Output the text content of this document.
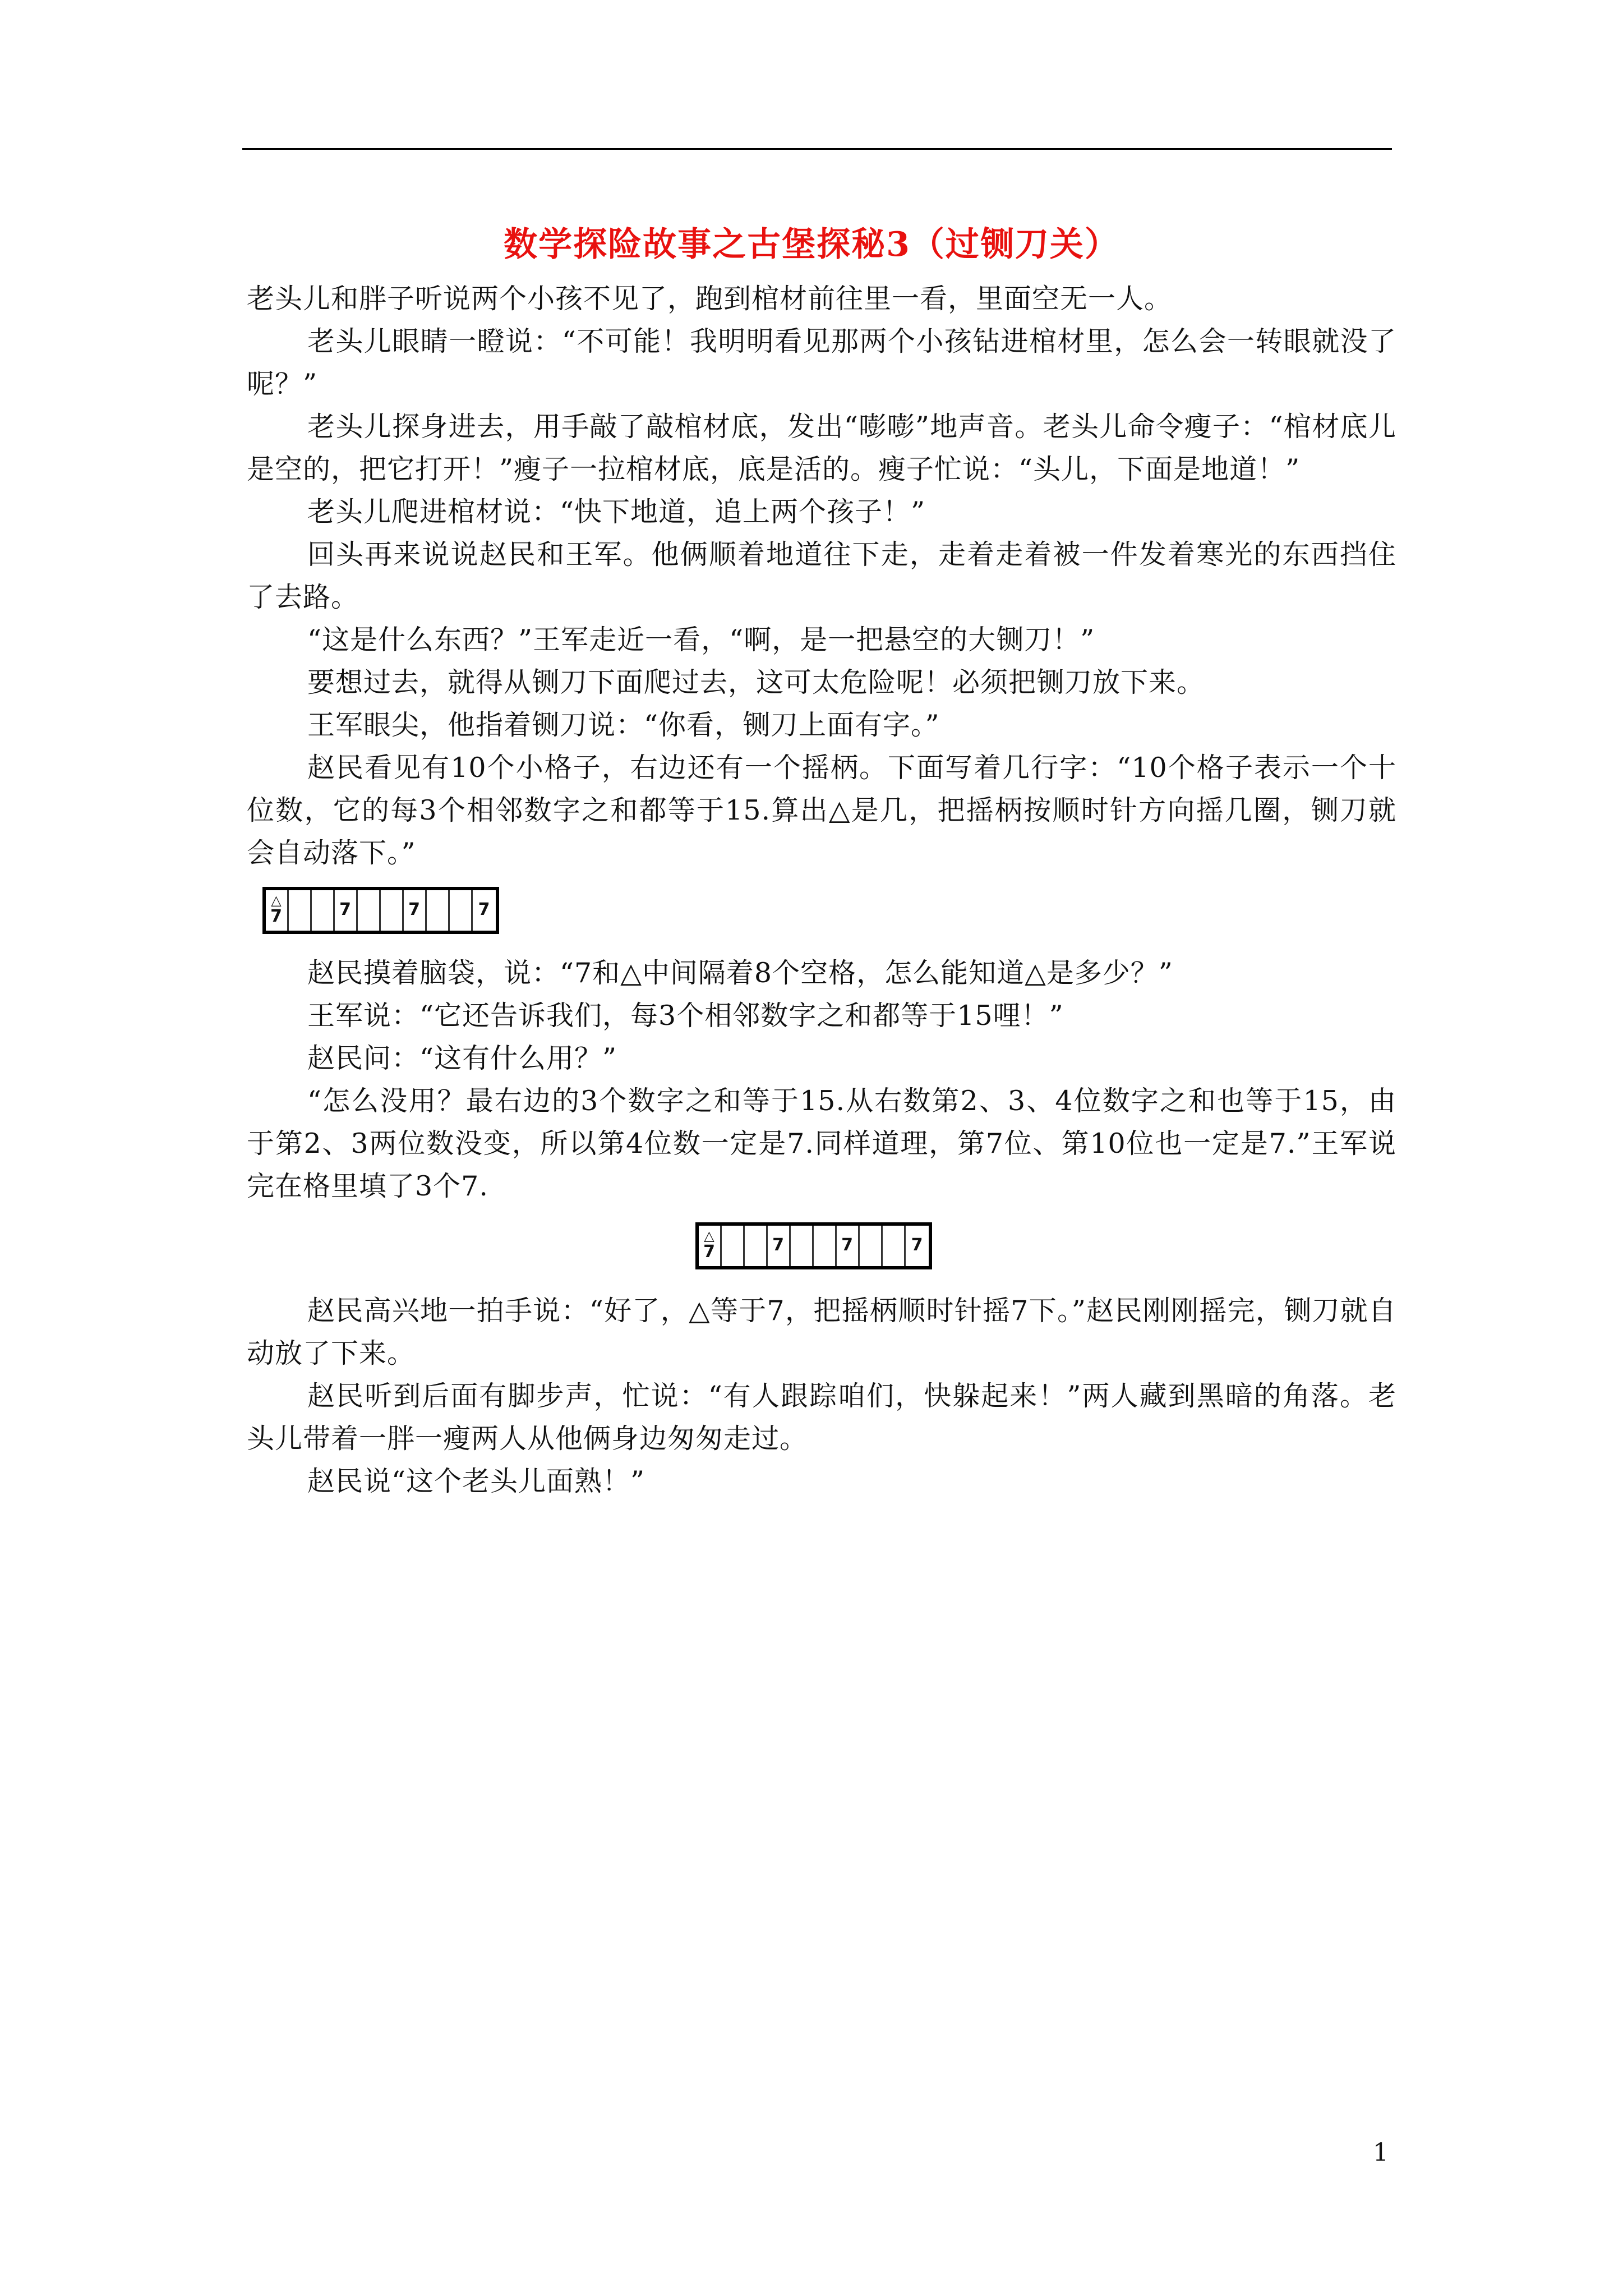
数学探险故事之古堡探秘3（过铡刀关）

老头儿和胖子听说两个小孩不见了，跑到棺材前往里一看，里面空无一人。

老头儿眼睛一瞪说：“不可能！我明明看见那两个小孩钻进棺材里，怎么会一转眼就没了呢？”

老头儿探身进去，用手敲了敲棺材底，发出“嘭嘭”地声音。老头儿命令瘦子：“棺材底儿是空的，把它打开！”瘦子一拉棺材底，底是活的。瘦子忙说：“头儿，下面是地道！”

老头儿爬进棺材说：“快下地道，追上两个孩子！”

回头再来说说赵民和王军。他俩顺着地道往下走，走着走着被一件发着寒光的东西挡住了去路。

“这是什么东西？”王军走近一看，“啊，是一把悬空的大铡刀！”

要想过去，就得从铡刀下面爬过去，这可太危险呢！必须把铡刀放下来。

王军眼尖，他指着铡刀说：“你看，铡刀上面有字。”

赵民看见有10个小格子，右边还有一个摇柄。下面写着几行字：“10个格子表示一个十位数，它的每3个相邻数字之和都等于15.算出△是几，把摇柄按顺时针方向摇几圈，铡刀就会自动落下。”

△
7	7	7	7

赵民摸着脑袋，说：“7和△中间隔着8个空格，怎么能知道△是多少？”

王军说：“它还告诉我们，每3个相邻数字之和都等于15哩！”

赵民问：“这有什么用？”

“怎么没用？最右边的3个数字之和等于15.从右数第2、3、4位数字之和也等于15，由于第2、3两位数没变，所以第4位数一定是7.同样道理，第7位、第10位也一定是7.”王军说完在格里填了3个7.

△
7	7	7	7

赵民高兴地一拍手说：“好了，△等于7，把摇柄顺时针摇7下。”赵民刚刚摇完，铡刀就自动放了下来。

赵民听到后面有脚步声，忙说：“有人跟踪咱们，快躲起来！”两人藏到黑暗的角落。老头儿带着一胖一瘦两人从他俩身边匆匆走过。

赵民说“这个老头儿面熟！”

1
